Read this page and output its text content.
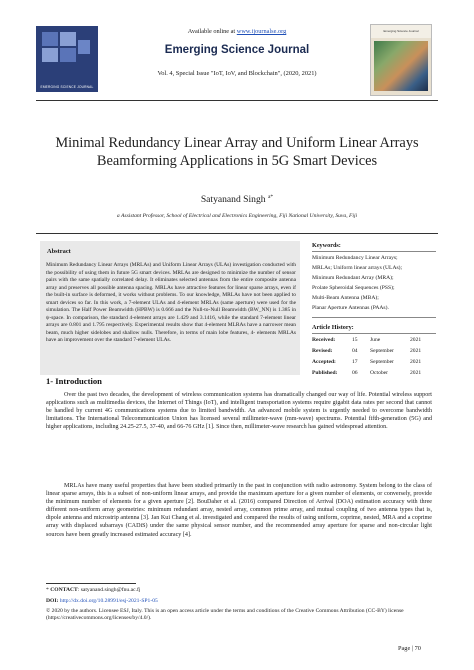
EMERGING SCIENCE JOURNAL
Available online at www.ijournalse.org
Emerging Science Journal
Vol. 4, Special Issue "IoT, IoV, and Blockchain", (2020, 2021)
Emerging Science Journal
Minimal Redundancy Linear Array and Uniform Linear Arrays Beamforming Applications in 5G Smart Devices
Satyanand Singh $^{a*}$
a Assistant Professor, School of Electrical and Electronics Engineering, Fiji National University, Suva, Fiji
Abstract
Minimum Redundancy Linear Arrays (MRLAs) and Uniform Linear Arrays (ULAs) investigation conducted with the possibility of using them in future 5G smart devices. MRLAs are designed to minimize the number of sensor pairs with the same spatially correlated delay. It eliminates selected antennas from the entire composite antenna array and preserves all possible antenna spacing. MRLAs have attractive features for linear sparse arrays, even if the built-in surface is deformed, it works without problems. To our knowledge, MRLAs have not been applied to smart devices so far. In this work, a 7-element ULAs and 4-element MRLAs (same aperture) were used for the simulation. The Half Power Beamwidth (HPBW) is 0.666 and the Null-to-Null Beamwidth (BW_NN) is 1.385 in ψ-space. In comparison, the standard 4-element arrays are 1.429 and 3.1416, while the standard 7-element linear arrays are 0.801 and 1.795 respectively. Experimental results show that 4-element MLRAs have a narrower mean beam, much higher sidelobes and shallow nulls. Therefore, in terms of main lobe features, 4- elements MRLAs have an improvement over the standard 7-element ULAs.
Keywords:
Minimum Redundancy Linear Arrays;
MRLAs; Uniform linear arrays (ULAs);
Minimum Redundant Array (MRA);
Prolate Spheroidal Sequences (PSS);
Multi-Beam Antenna (MBA);
Planar Aperture Antennas (PAAs).
Article History:
Received:	15 June	2021
Revised:	04 September	2021
Accepted:	17 September	2021
Published:	06 October	2021
1- Introduction

Over the past two decades, the development of wireless communication systems has dramatically changed our way of life. Potential wireless support applications such as multimedia devices, the Internet of Things (IoT), and intelligent transportation systems require gigabit data rates per second that cannot be handled by current 4G communications systems due to limited bandwidth. An advanced mobile system is urgently needed to overcome bandwidth limitations. The International Telecommunication Union has licensed several millimeter-wave (mm-wave) spectrums. Potential fifth-generation (5G) and higher applications, including 24.25-27.5, 37-40, and 66-76 GHz [1]. Since then, millimeter-wave research has gained widespread attention.

MRLAs have many useful properties that have been studied primarily in the past in conjunction with radio astronomy. System belong to the class of linear sparse arrays, this is a subset of non-uniform linear arrays, and provide the maximum aperture for a given number of elements, or conversely, provide the minimum number of elements for a given aperture [2]. BouDaher et al. (2016) compared Direction of Arrival (DOA) estimation accuracy with three different non-uniform array geometries: minimum redundant array, nested array, common prime array, and mutual coupling of two antenna types that is, dipole antenna and microstrip antenna [3]. Jan Kui Chang et al. investigated and compared the results of using uniform, coprime, nested, MRA and a coprime array with displaced subarrays (CADiS) under the same physical sensor number, and the recommended array aperture for sparse and non-circular light sources have been greatly increased estimated accuracy [4].

* CONTACT: satyanand.singh@fnu.ac.fj
DOI: http://dx.doi.org/10.28991/esj-2021-SP1-05
© 2020 by the authors. Licensee ESJ, Italy. This is an open access article under the terms and conditions of the Creative Commons Attribution (CC-BY) license (https://creativecommons.org/licenses/by/4.0/).
Page | 70
